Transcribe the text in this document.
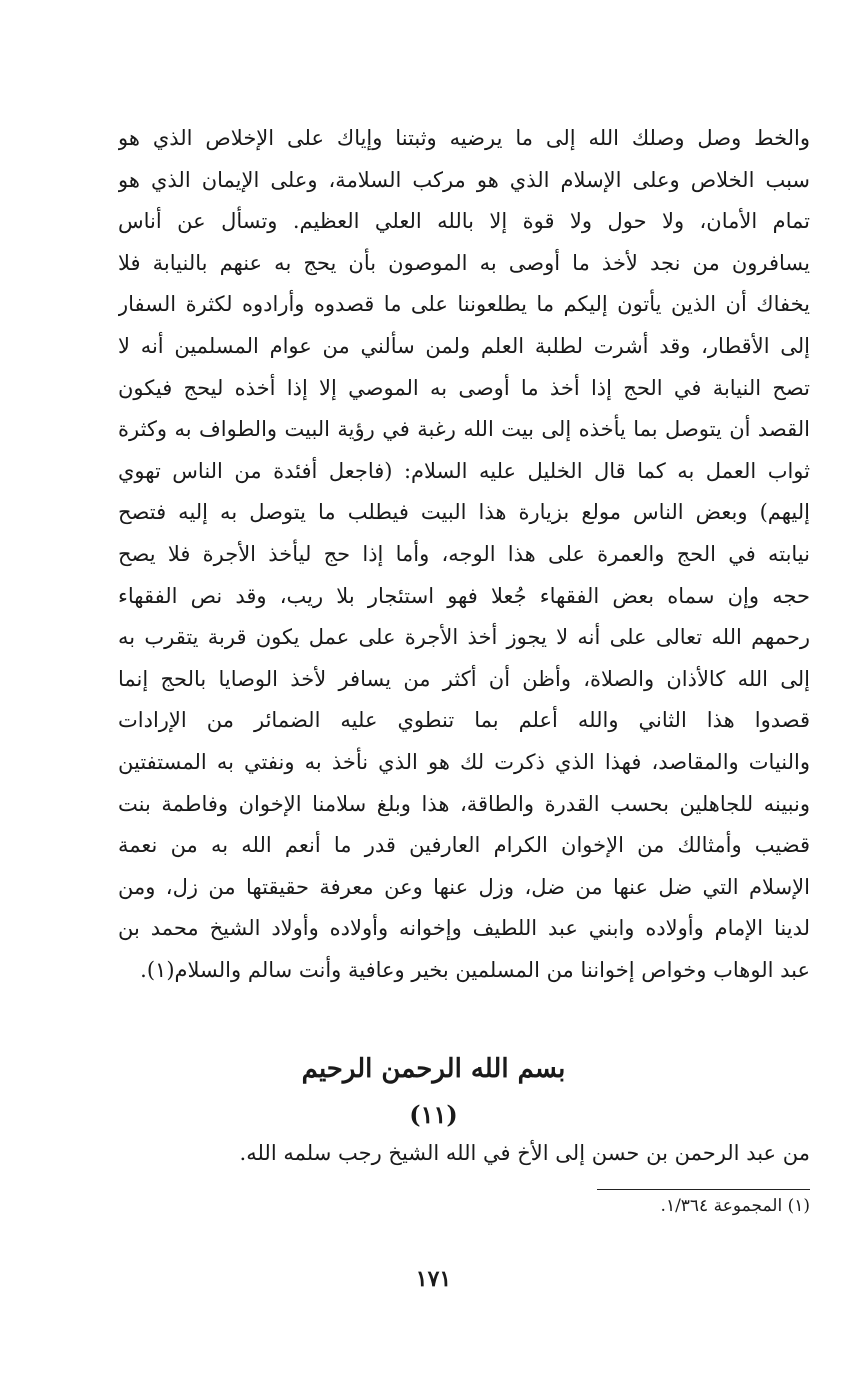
والخط وصل وصلك الله إلى ما يرضيه وثبتنا وإياك على الإخلاص الذي هو
سبب الخلاص وعلى الإسلام الذي هو مركب السلامة، وعلى الإيمان الذي هو
تمام الأمان، ولا حول ولا قوة إلا بالله العلي العظيم. وتسأل عن أناس
يسافرون من نجد لأخذ ما أوصى به الموصون بأن يحج به عنهم بالنيابة فلا
يخفاك أن الذين يأتون إليكم ما يطلعوننا على ما قصدوه وأرادوه لكثرة السفار
إلى الأقطار، وقد أشرت لطلبة العلم ولمن سألني من عوام المسلمين أنه لا
تصح النيابة في الحج إذا أخذ ما أوصى به الموصي إلا إذا أخذه ليحج فيكون
القصد أن يتوصل بما يأخذه إلى بيت الله رغبة في رؤية البيت والطواف به وكثرة
ثواب العمل به كما قال الخليل عليه السلام: (فاجعل أفئدة من الناس تهوي
إليهم) وبعض الناس مولع بزيارة هذا البيت فيطلب ما يتوصل به إليه فتصح
نيابته في الحج والعمرة على هذا الوجه، وأما إذا حج ليأخذ الأجرة فلا يصح
حجه وإن سماه بعض الفقهاء جُعلا فهو استئجار بلا ريب، وقد نص الفقهاء
رحمهم الله تعالى على أنه لا يجوز أخذ الأجرة على عمل يكون قربة يتقرب به
إلى الله كالأذان والصلاة، وأظن أن أكثر من يسافر لأخذ الوصايا بالحج إنما
قصدوا هذا الثاني والله أعلم بما تنطوي عليه الضمائر من الإرادات
والنيات والمقاصد، فهذا الذي ذكرت لك هو الذي نأخذ به ونفتي به المستفتين
ونبينه للجاهلين بحسب القدرة والطاقة، هذا وبلغ سلامنا الإخوان وفاطمة بنت
قضيب وأمثالك من الإخوان الكرام العارفين قدر ما أنعم الله به من نعمة
الإسلام التي ضل عنها من ضل، وزل عنها وعن معرفة حقيقتها من زل، ومن
لدينا الإمام وأولاده وابني عبد اللطيف وإخوانه وأولاده وأولاد الشيخ محمد بن
عبد الوهاب وخواص إخواننا من المسلمين بخير وعافية وأنت سالم والسلام(١).
بسم الله الرحمن الرحيم
(١١)
من عبد الرحمن بن حسن إلى الأخ في الله الشيخ رجب سلمه الله.
(١) المجموعة ١/٣٦٤.
١٧١
